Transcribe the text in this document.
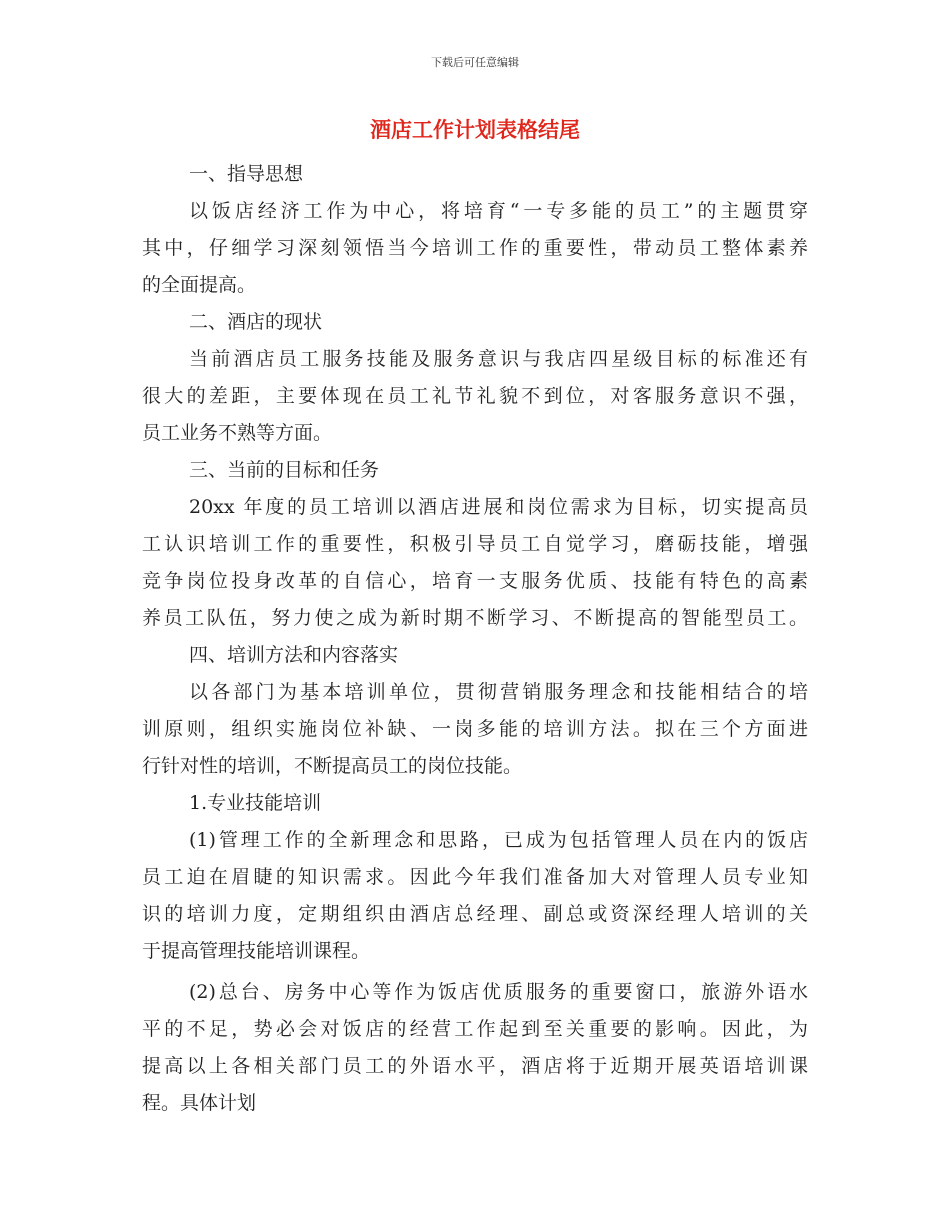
下载后可任意编辑
酒店工作计划表格结尾
一、指导思想
以饭店经济工作为中心，将培育“一专多能的员工”的主题贯穿
其中，仔细学习深刻领悟当今培训工作的重要性，带动员工整体素养
的全面提高。
二、酒店的现状
当前酒店员工服务技能及服务意识与我店四星级目标的标准还有
很大的差距，主要体现在员工礼节礼貌不到位，对客服务意识不强，
员工业务不熟等方面。
三、当前的目标和任务
20xx 年度的员工培训以酒店进展和岗位需求为目标，切实提高员
工认识培训工作的重要性，积极引导员工自觉学习，磨砺技能，增强
竞争岗位投身改革的自信心，培育一支服务优质、技能有特色的高素
养员工队伍，努力使之成为新时期不断学习、不断提高的智能型员工。
四、培训方法和内容落实
以各部门为基本培训单位，贯彻营销服务理念和技能相结合的培
训原则，组织实施岗位补缺、一岗多能的培训方法。拟在三个方面进
行针对性的培训，不断提高员工的岗位技能。
1.专业技能培训
(1)管理工作的全新理念和思路，已成为包括管理人员在内的饭店
员工迫在眉睫的知识需求。因此今年我们准备加大对管理人员专业知
识的培训力度，定期组织由酒店总经理、副总或资深经理人培训的关
于提高管理技能培训课程。
(2)总台、房务中心等作为饭店优质服务的重要窗口，旅游外语水
平的不足，势必会对饭店的经营工作起到至关重要的影响。因此，为
提高以上各相关部门员工的外语水平，酒店将于近期开展英语培训课
程。具体计划
